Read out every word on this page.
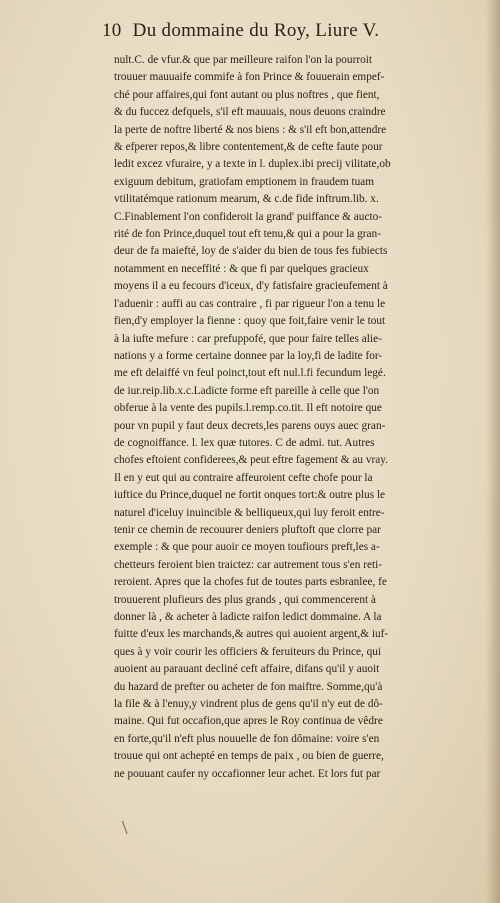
10 Du dommaine du Roy, Liure V.
nult.C. de vfur.& que par meilleure raifon l'on la pourroit
trouuer mauuaife commife à fon Prince & fouuerain empef-
ché pour affaires,qui font autant ou plus noftres , que fient,
& du fuccez defquels, s'il eft mauuais, nous deuons craindre
la perte de noftre liberté & nos biens : & s'il eft bon,attendre
& efperer repos,& libre contentement,& de cefte faute pour
ledit excez vfuraire, y a texte in l. duplex.ibi precij vilitate,ob
exiguum debitum, gratiofam emptionem in fraudem tuam
vtilitatémque rationum mearum, & c.de fide inftrum.lib. x.
C.Finablement l'on confideroit la grand' puiffance & aucto-
rité de fon Prince,duquel tout eft tenu,& qui a pour la gran-
deur de fa maiefté, loy de s'aider du bien de tous fes fubiects
notamment en neceffité : & que fi par quelques gracieux
moyens il a eu fecours d'iceux, d'y fatisfaire gracieufement à
l'aduenir : auffi au cas contraire , fi par rigueur l'on a tenu le
fien,d'y employer la fienne : quoy que foit,faire venir le tout
à la iufte mefure : car prefuppofé, que pour faire telles alie-
nations y a forme certaine donnee par la loy,fi de ladite for-
me eft delaiffé vn feul poinct,tout eft nul.l.fi fecundum legé.
de iur.reip.lib.x.c.Ladicte forme eft pareille à celle que l'on
obferue à la vente des pupils.l.remp.co.tit. Il eft notoire que
pour vn pupil y faut deux decrets,les parens ouys auec gran-
de cognoiffance. l. lex quæ tutores. C de admi. tut. Autres
chofes eftoient confiderees,& peut eftre fagement & au vray.
Il en y eut qui au contraire affeuroient cefte chofe pour la
iuftice du Prince,duquel ne fortit onques tort:& outre plus le
naturel d'iceluy inuincible & belliqueux,qui luy feroit entre-
tenir ce chemin de recouurer deniers pluftoft que clorre par
exemple : & que pour auoir ce moyen toufiours preft,les a-
chetteurs feroient bien traictez: car autrement tous s'en reti-
reroient. Apres que la chofes fut de toutes parts esbranlee, fe
trouuerent plufieurs des plus grands , qui commencerent à
donner là , & acheter à ladicte raifon ledict dommaine. A la
fuitte d'eux les marchands,& autres qui auoient argent,& iuf-
ques à y voir courir les officiers & feruiteurs du Prince, qui
auoient au parauant decliné ceft affaire, difans qu'il y auoit
du hazard de prefter ou acheter de fon maiftre. Somme,qu'à
la file & à l'enuy,y vindrent plus de gens qu'il n'y eut de dô-
maine. Qui fut occafion,que apres le Roy continua de vêdre
en forte,qu'il n'eft plus nouuelle de fon dômaine: voire s'en
trouue qui ont achepté en temps de paix , ou bien de guerre,
ne pouuant caufer ny occafionner leur achet. Et lors fut par
\
